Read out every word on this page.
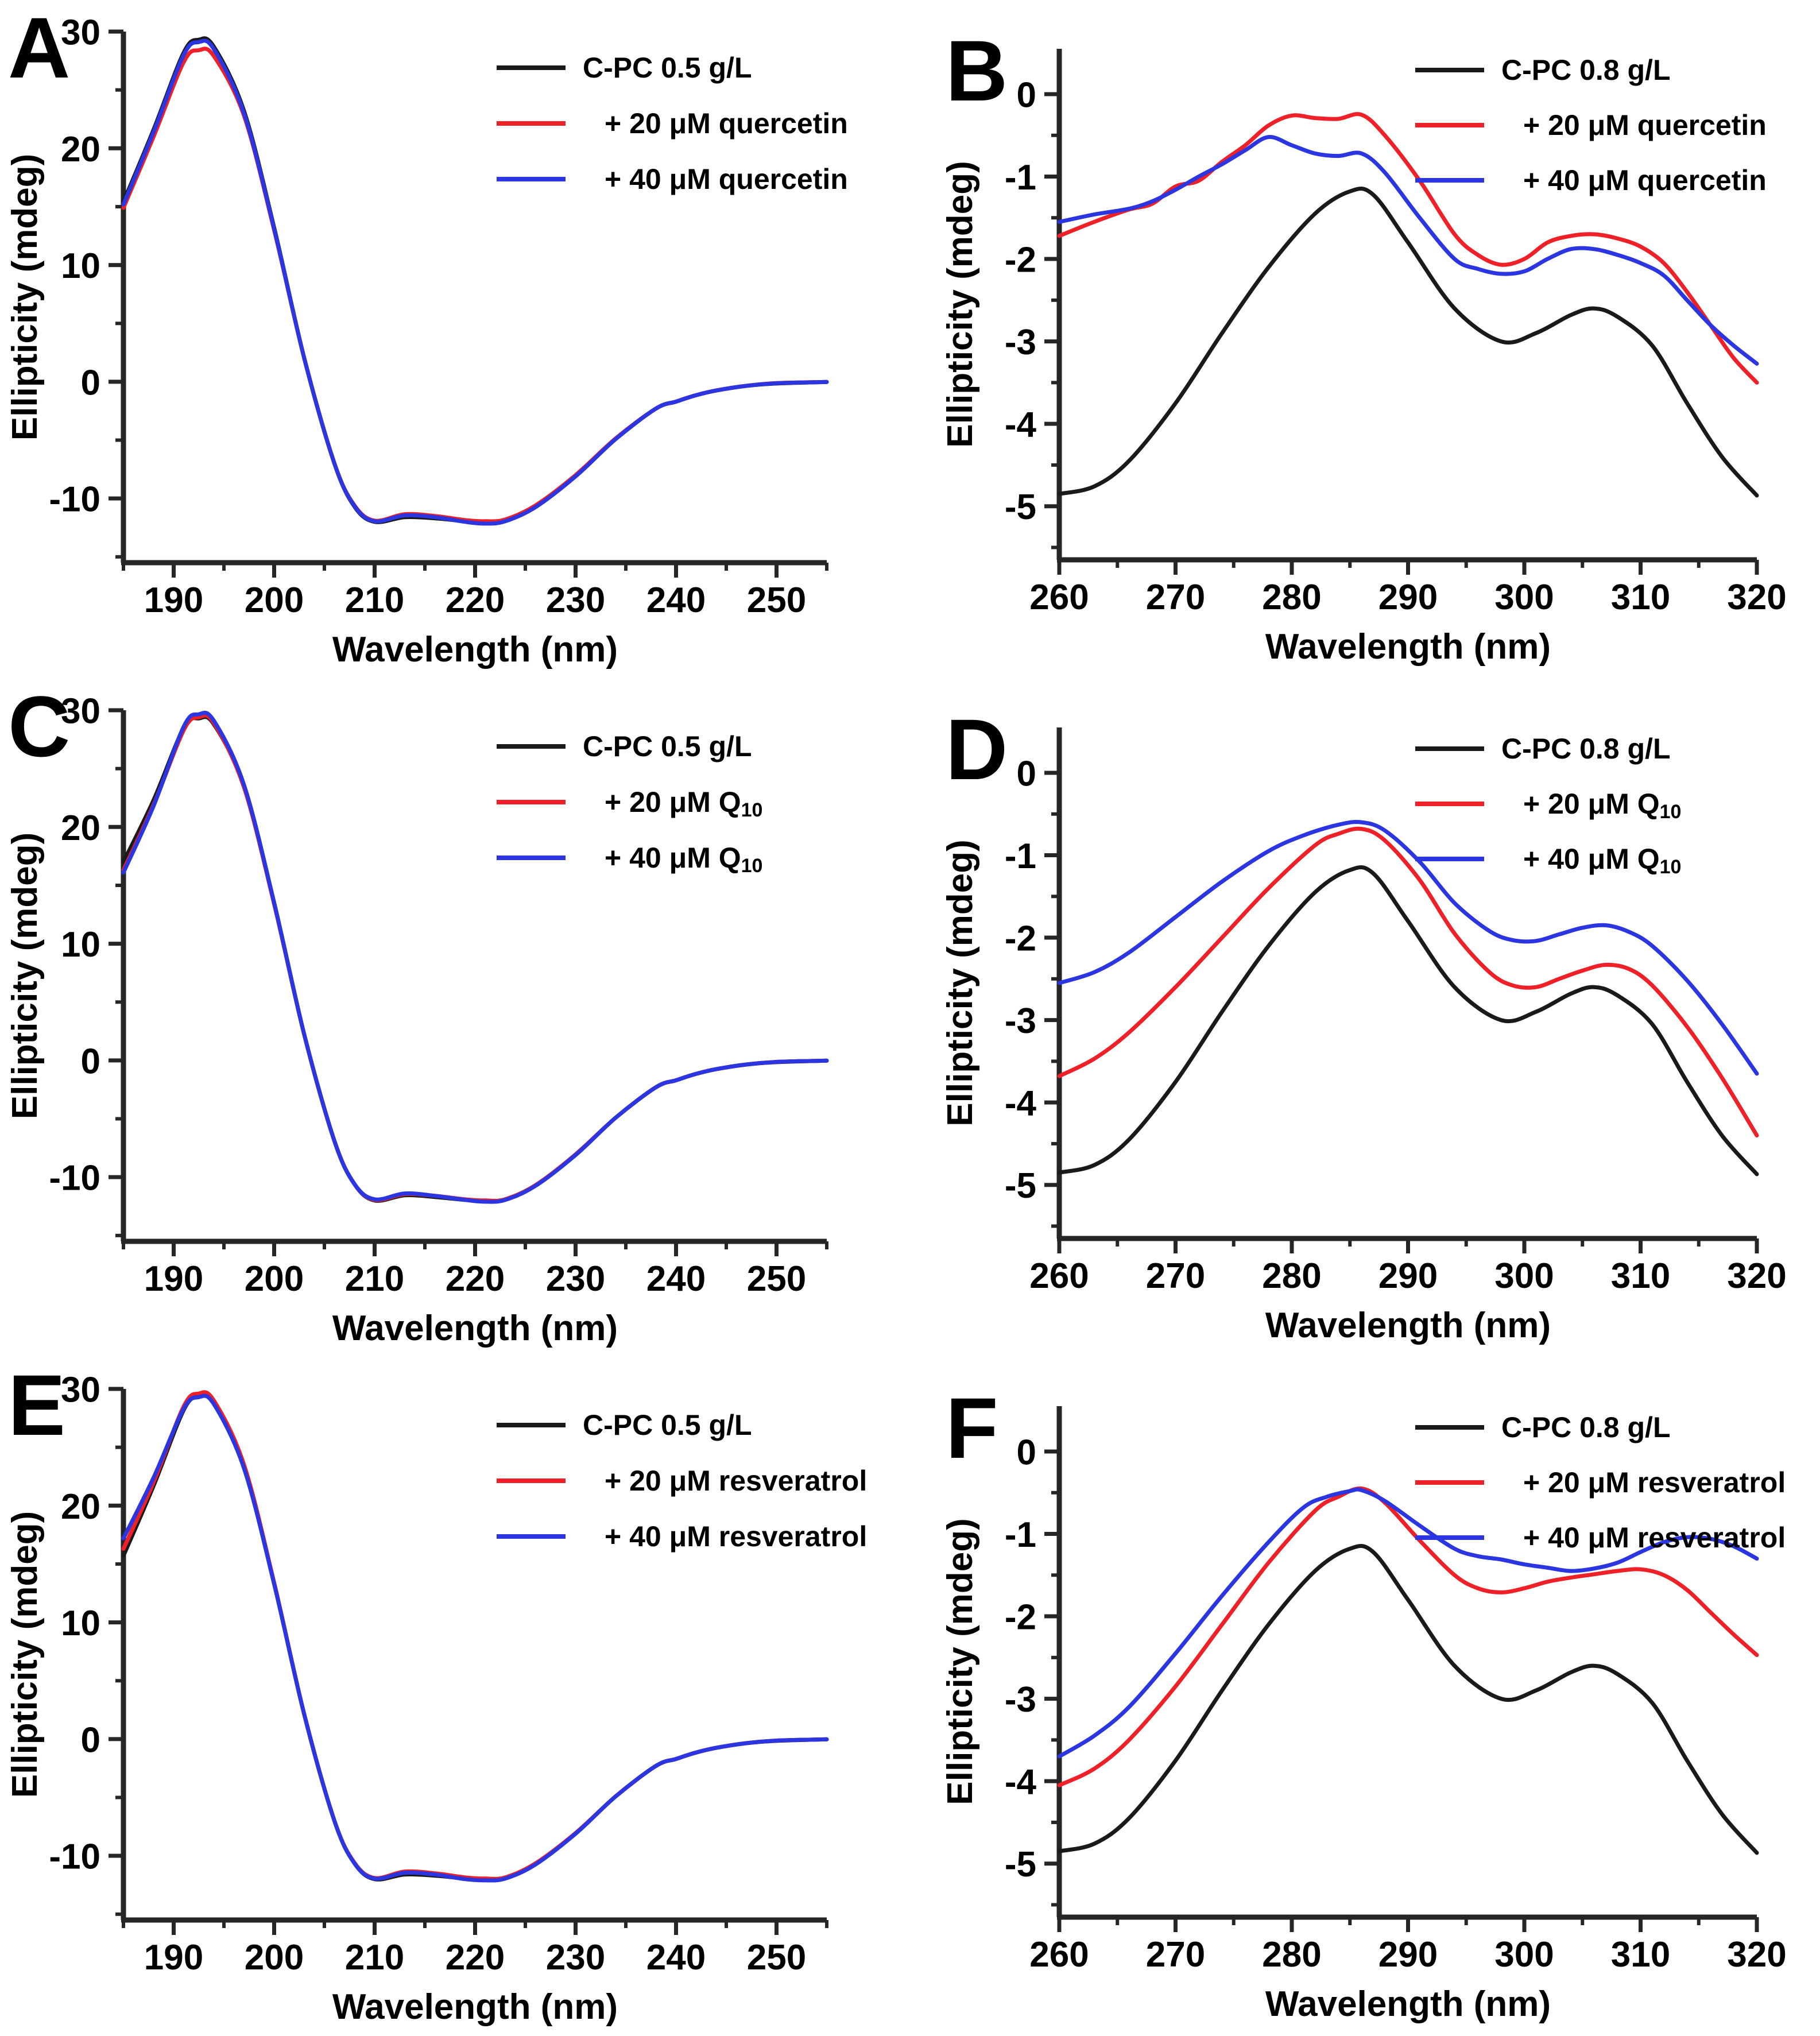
A
190 200 210 220 230 240 250
30
20
10
0
-10
Wavelength (nm)
Ellipticity (mdeg)
C-PC 0.5 g/L
+ 20 μM quercetin
+ 40 μM quercetin
B
260 270 280 290 300 310 320
0
-1
-2
-3
-4
-5
Wavelength (nm)
Ellipticity (mdeg)
C-PC 0.8 g/L
+ 20 μM quercetin
+ 40 μM quercetin
C
190 200 210 220 230 240 250
30
20
10
0
-10
Wavelength (nm)
Ellipticity (mdeg)
C-PC 0.5 g/L
+ 20 μM $Q_{10}$
+ 40 μM $Q_{10}$
D
260 270 280 290 300 310 320
0
-1
-2
-3
-4
-5
Wavelength (nm)
Ellipticity (mdeg)
C-PC 0.8 g/L
+ 20 μM $Q_{10}$
+ 40 μM $Q_{10}$
E
190 200 210 220 230 240 250
30
20
10
0
-10
Wavelength (nm)
Ellipticity (mdeg)
C-PC 0.5 g/L
+ 20 μM resveratrol
+ 40 μM resveratrol
F
260 270 280 290 300 310 320
0
-1
-2
-3
-4
-5
Wavelength (nm)
Ellipticity (mdeg)
C-PC 0.8 g/L
+ 20 μM resveratrol
+ 40 μM resveratrol
